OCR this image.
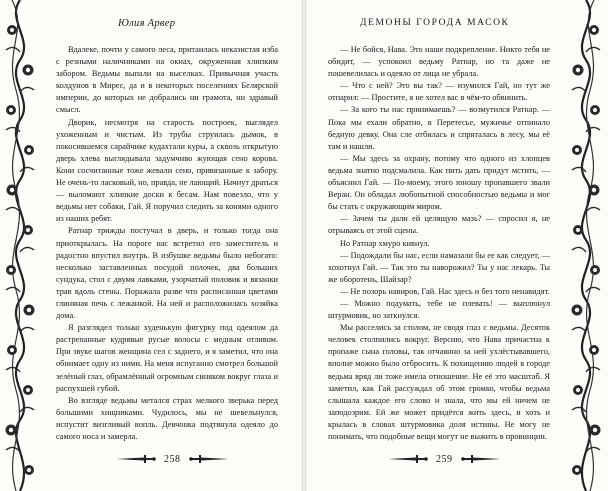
Юлия Арвер

Вдалеке, почти у самого леса, притаилась неказистая изба с резными наличниками на окнах, окруженная хлипким забором. Ведьмы выпали на выселках. Привычная участь колдунов в Мирес, да и в некоторых поселениях Белярской империи, до которых не добрались ни грамота, ни здравый смысл.

Дворик, несмотря на старость построек, выглядел ухоженным и чистым. Из трубы струилась дымок, в покосившемся сарайчике кудахтали куры, а сквозь открытую дверь хлева выглядывала задумчиво жующая сено корова. Кони сосчитанные тоже жевали сено, привязанные к забору. Не очень-то ласковый, но, правда, не лающий. Начнут драться — выломают хлипкие доски к бесам. Нам повезло, что у ведьмы нет собаки, Гай. Я поручил следить за конями одного из наших ребят.

Ратнар трижды постучал в дверь, и только тогда она приоткрылась. На пороге нас встретил его заместитель и радостно впустил внутрь. В избушке ведьмы было небогато: несколько заставленных посудой полочек, два больших сундука, стол с двумя лавками, узорчатый половик и вязанки трав вдоль стены. Поражала разве что расписанная цветами глиняная печь с лежанкой. На ней и расположилась хозяйка дома.

Я разглядел только худенькую фигурку под одеялом да растрепанные кудрявые русые волосы с медным отливом. При звуке шагов женщина сел с заднего, и я заметил, что она обнимает одну из ними. На меня испуганно смотрел большой зелёный глаз, обрамлённый огромным синяком вокруг глаза и распухшей губой.

Во взгляде ведьмы метался страх мелкого зверька перед большими хищниками. Чудилось, мы не шевельнулся, испустит визгливый вопль. Девчонка подтянула одеяло до самого носа и замерла.

258
ДЕМОНЫ ГОРОДА МАСОК

— Не бойся, Нава. Это наше подкрепление. Никто тебя не обидит, — успокоил ведьму Ратнар, но та даже не пошевелилась и одеяло от лица не убрала.

— Что с ней? Это вы так? — изумился Гай, но тут же отпарил: — Простите, я не хотел вас в чём-то обвинить.

— За кого ты нас принимаешь? — возмутился Ратнар. — Пока мы ехали обратно, в Перетесье, мужичье отпинало бедную девку. Она сле отбилась и спряталась в лесу, мы её там и нашли.

— Мы здесь за охрану, потому что одного из хлопцев ведьма знатно подсмалила. Как пить дать придут мстить, — объяснил Гай. — По-моему, этого юношу пропавшего звали Веран. Он обладал любопытной способностью ведьмы и мог бы стать с окружающим миром.

— Зачем ты дали ей целящую мазь? — спросил я, не отрываясь от этой сцены.

Но Ратнар хмуро кивнул.

— Подождали бы нас, если намазали бы ее как следует, — хохотнул Гай. — Так это ты наворожил? Ты у нас лекарь. Ты же оборотень, Шайзар?

— Не позорь навиров, Гай. Нас здесь и без того ненавидят.

— Можно подумать, тебе не плевать! — выплюнул штурмовик, но заткнулся.

Мы расселись за столом, не сводя глаз с ведьмы. Десяток человек столпились вокруг. Версию, что Нава причастна к пропаже сына головы, так отчаянно за ней ухлёстывавшего, вполне можно было отбросить. К похищению людей в городе ведьма вряд ли тоже имела отношение. Не её это масштаб. Я заметил, как Гай рассуждал об этом громко, чтобы ведьма слышала каждое его слово и знала, что мы ей ничем не заподозрим. Ей же может придётся жить здесь, и хоть и крылась в словах штурмовика доля истины. Не могу не понимать, что подобные вещи могут не выжить в провинции.

259
